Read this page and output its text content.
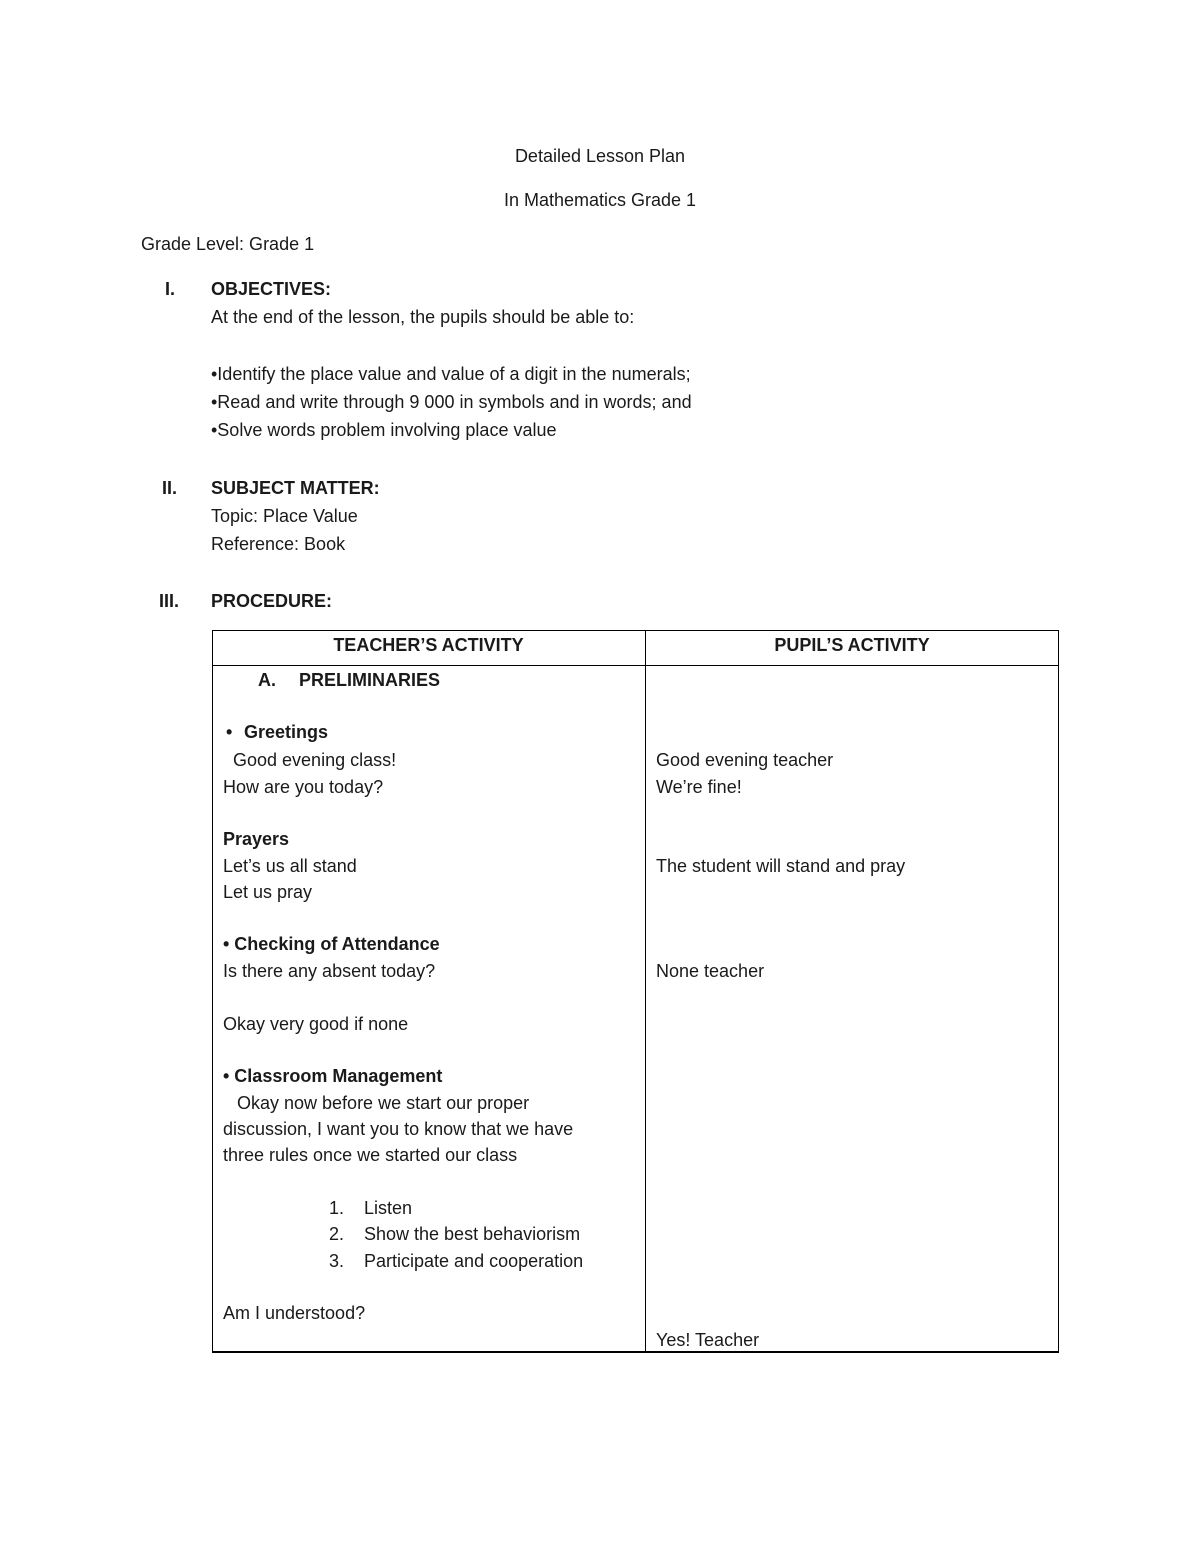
Detailed Lesson Plan
In Mathematics Grade 1
Grade Level: Grade 1
I. OBJECTIVES:
At the end of the lesson, the pupils should be able to:
•Identify the place value and value of a digit in the numerals;
•Read and write through 9 000 in symbols and in words; and
•Solve words problem involving place value
II. SUBJECT MATTER:
Topic: Place Value
Reference: Book
III. PROCEDURE:
TEACHER’S ACTIVITY	PUPIL’S ACTIVITY
A. PRELIMINARIES
• Greetings
Good evening class!
How are you today?
Prayers
Let’s us all stand
Let us pray
• Checking of Attendance
Is there any absent today?
Okay very good if none
• Classroom Management
Okay now before we start our proper
discussion, I want you to know that we have
three rules once we started our class
1. Listen
2. Show the best behaviorism
3. Participate and cooperation
Am I understood?
Good evening teacher
We’re fine!
The student will stand and pray
None teacher
Yes! Teacher
